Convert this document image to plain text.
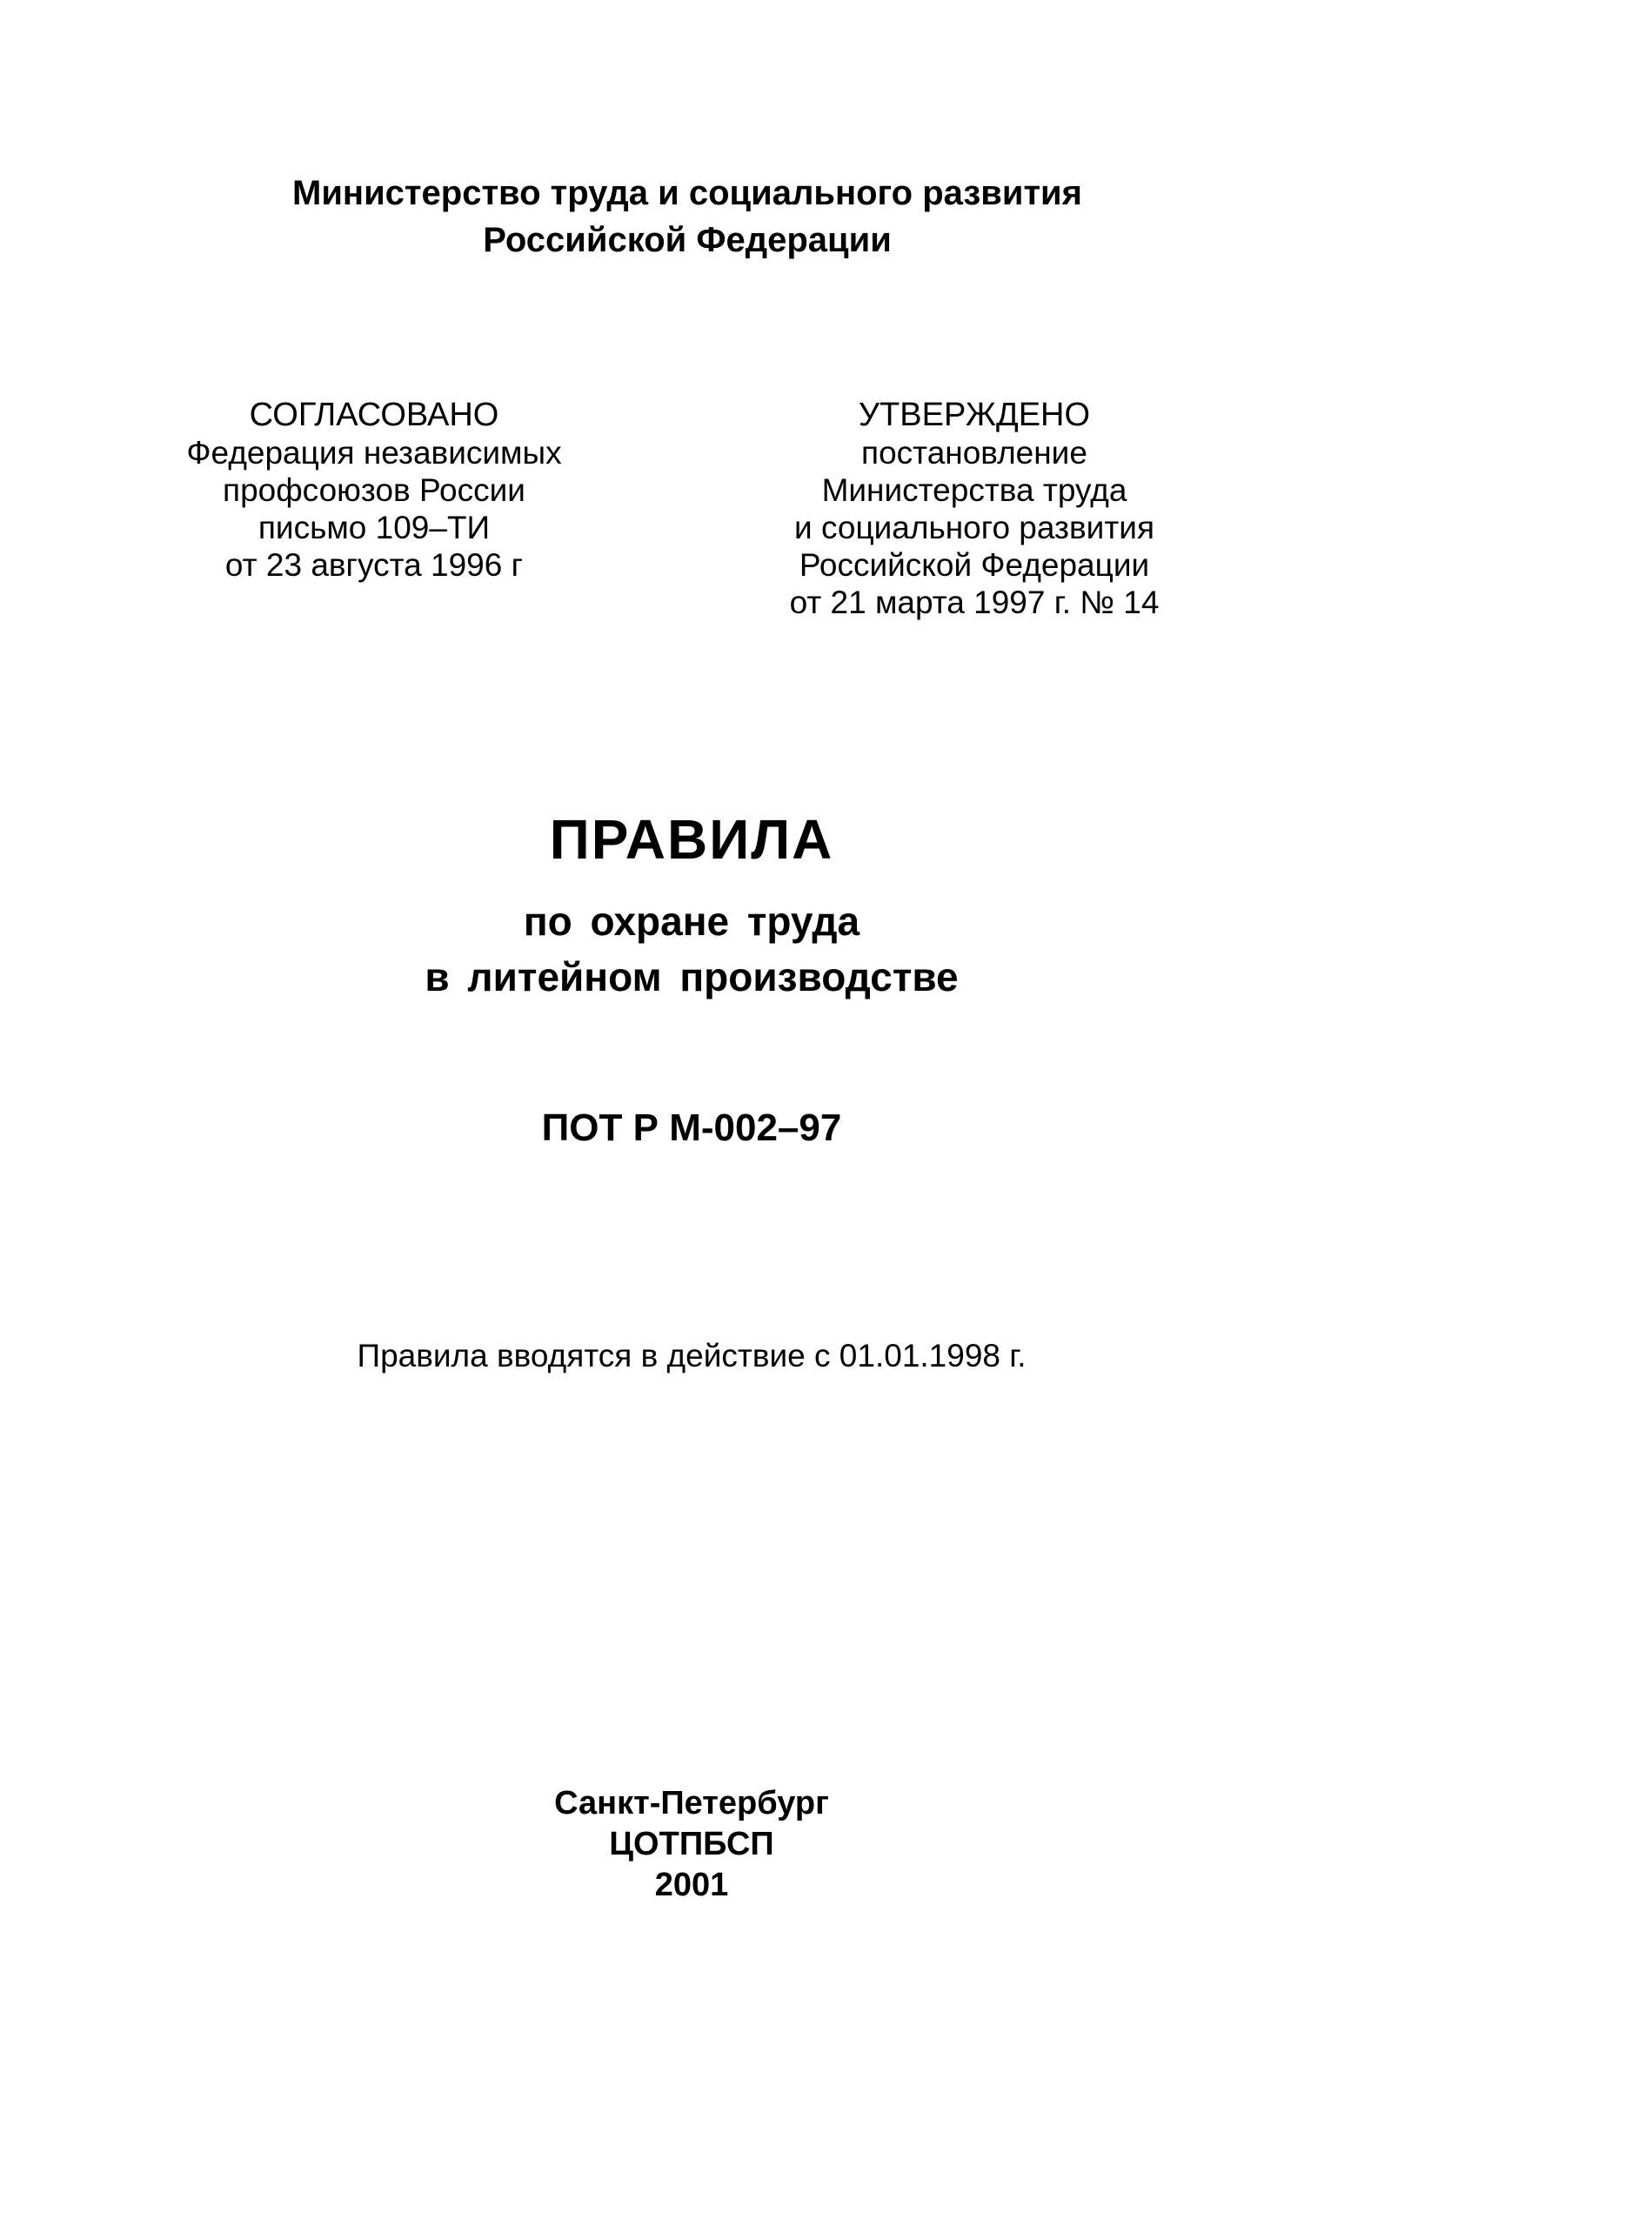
Министерство труда и социального развития
Российской Федерации
СОГЛАСОВАНО
Федерация независимых
профсоюзов России
письмо 109–ТИ
от 23 августа 1996 г
УТВЕРЖДЕНО
постановление
Министерства труда
и социального развития
Российской Федерации
от 21 марта 1997 г. № 14
ПРАВИЛА
по охране труда
в литейном производстве
ПОТ Р М-002–97
Правила вводятся в действие с 01.01.1998 г.
Санкт-Петербург
ЦОТПБСП
2001
